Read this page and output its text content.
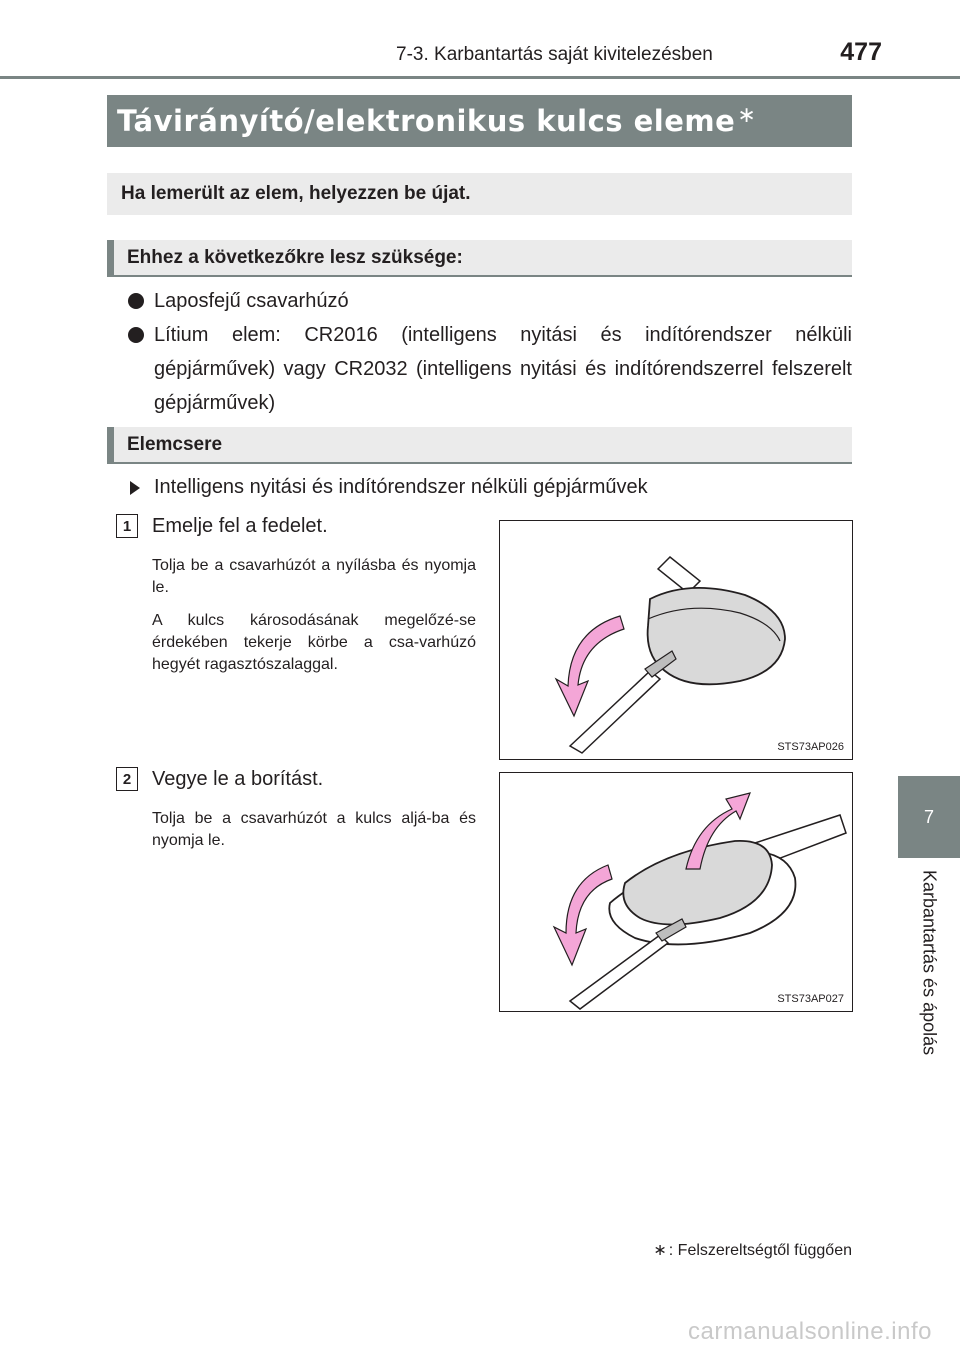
7-3. Karbantartás saját kivitelezésben	477
Távirányító/elektronikus kulcs eleme ∗
Ha lemerült az elem, helyezzen be újat.
Ehhez a következőkre lesz szüksége:
Laposfejű csavarhúzó
Lítium elem: CR2016 (intelligens nyitási és indítórendszer nélküli gépjárművek) vagy CR2032 (intelligens nyitási és indítórendszerrel felszerelt gépjárművek)
Elemcsere
Intelligens nyitási és indítórendszer nélküli gépjárművek
1	Emelje fel a fedelet.
Tolja be a csavarhúzót a nyílásba és nyomja le.
A kulcs károsodásának megelőzé-se érdekében tekerje körbe a csa-varhúzó hegyét ragasztószalaggal.
STS73AP026
2	Vegye le a borítást.
Tolja be a csavarhúzót a kulcs aljá-ba és nyomja le.
STS73AP027
7
Karbantartás és ápolás
∗ : Felszereltségtől függően
carmanualsonline.info
